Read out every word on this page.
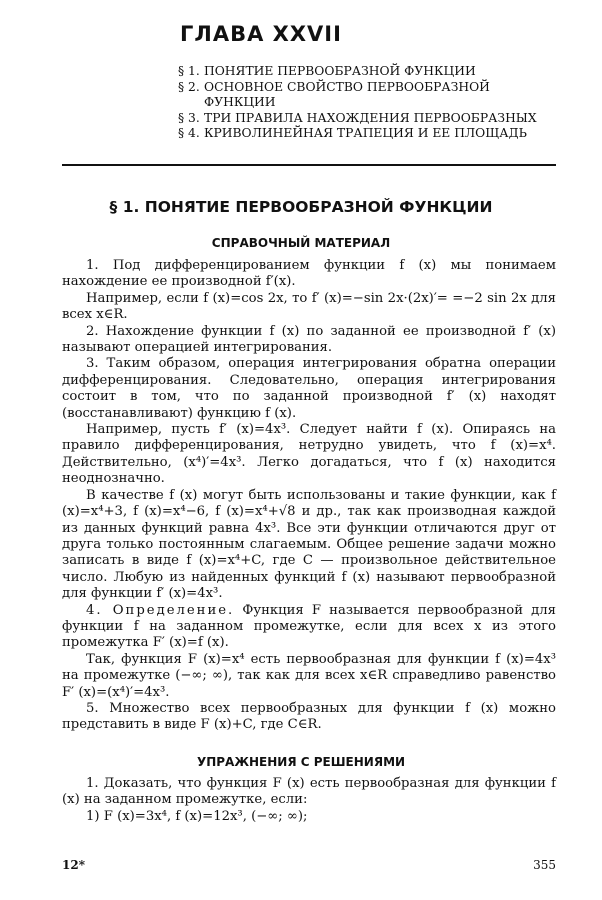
ГЛАВА XXVII
§ 1. ПОНЯТИЕ ПЕРВООБРАЗНОЙ ФУНКЦИИ
§ 2. ОСНОВНОЕ СВОЙСТВО ПЕРВООБРАЗНОЙ
ФУНКЦИИ
§ 3. ТРИ ПРАВИЛА НАХОЖДЕНИЯ ПЕРВООБРАЗНЫХ
§ 4. КРИВОЛИНЕЙНАЯ ТРАПЕЦИЯ И ЕЕ ПЛОЩАДЬ
§ 1. ПОНЯТИЕ ПЕРВООБРАЗНОЙ ФУНКЦИИ
СПРАВОЧНЫЙ МАТЕРИАЛ

1. Под дифференцированием функции f (x) мы понимаем нахождение ее производной f′(x).

Например, если f (x)=cos 2x, то f′ (x)=−sin 2x·(2x)′= =−2 sin 2x для всех x∈R.

2. Нахождение функции f (x) по заданной ее производной f′ (x) называют операцией интегрирования.

3. Таким образом, операция интегрирования обратна операции дифференцирования. Следовательно, операция интегрирования состоит в том, что по заданной производной f′ (x) находят (восстанавливают) функцию f (x).

Например, пусть f′ (x)=4x³. Следует найти f (x). Опираясь на правило дифференцирования, нетрудно увидеть, что f (x)=x⁴. Действительно, (x⁴)′=4x³. Легко догадаться, что f (x) находится неоднозначно.

В качестве f (x) могут быть использованы и такие функции, как f (x)=x⁴+3, f (x)=x⁴−6, f (x)=x⁴+√8 и др., так как производная каждой из данных функций равна 4x³. Все эти функции отличаются друг от друга только постоянным слагаемым. Общее решение задачи можно записать в виде f (x)=x⁴+C, где C — произвольное действительное число. Любую из найденных функций f (x) называют первообразной для функции f′ (x)=4x³.

4. Определение. Функция F называется первообразной для функции f на заданном промежутке, если для всех x из этого промежутка F′ (x)=f (x).

Так, функция F (x)=x⁴ есть первообразная для функции f (x)=4x³ на промежутке (−∞; ∞), так как для всех x∈R справедливо равенство F′ (x)=(x⁴)′=4x³.

5. Множество всех первообразных для функции f (x) можно представить в виде F (x)+C, где C∈R.

УПРАЖНЕНИЯ С РЕШЕНИЯМИ

1. Доказать, что функция F (x) есть первообразная для функции f (x) на заданном промежутке, если:

1) F (x)=3x⁴, f (x)=12x³, (−∞; ∞);

12*	355
